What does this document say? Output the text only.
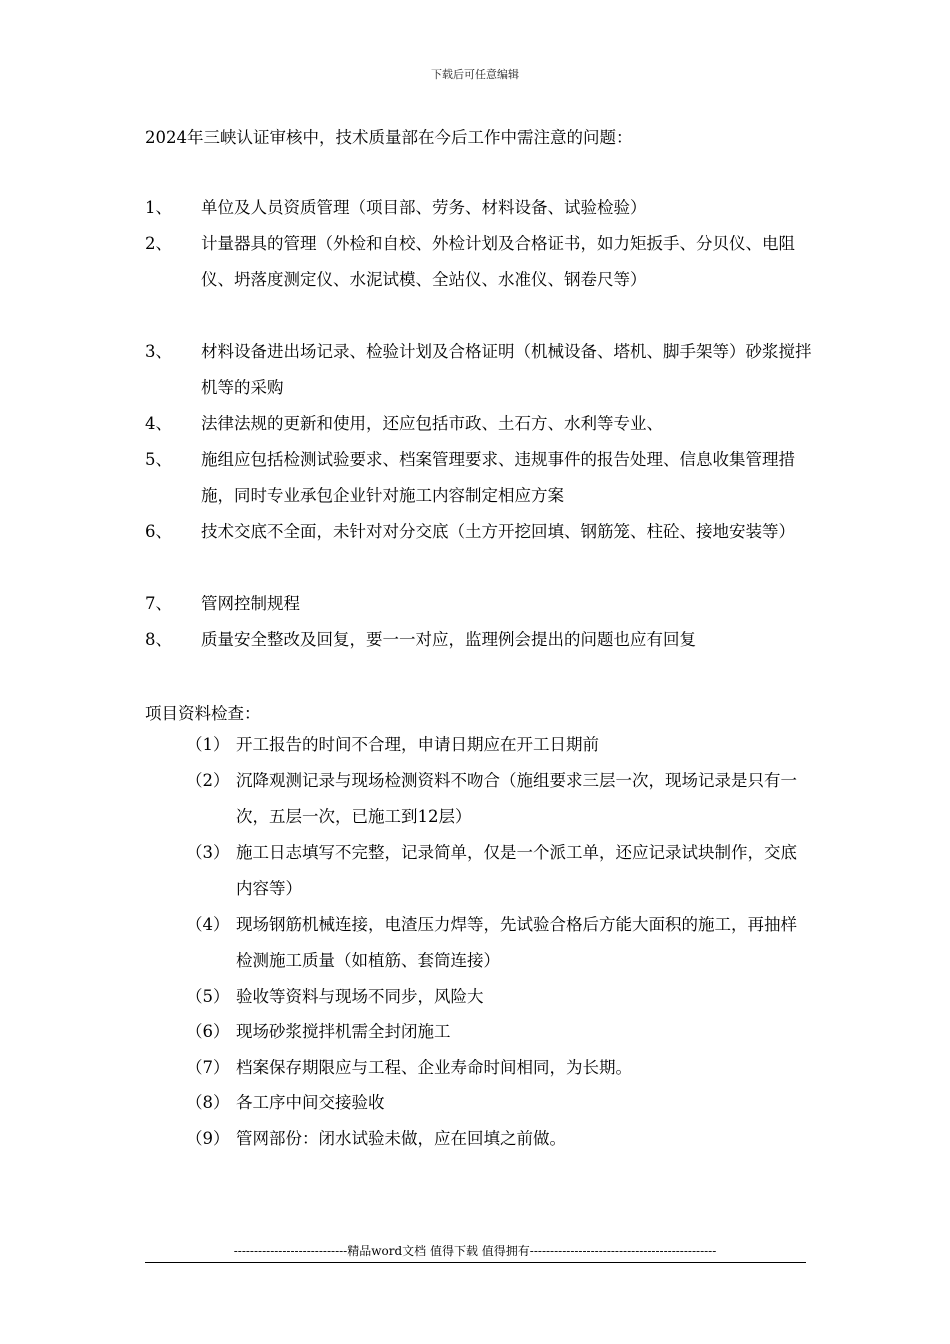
下载后可任意编辑
2024年三峡认证审核中，技术质量部在今后工作中需注意的问题：
1、	单位及人员资质管理（项目部、劳务、材料设备、试验检验）
2、	计量器具的管理（外检和自校、外检计划及合格证书，如力矩扳手、分贝仪、电阻仪、坍落度测定仪、水泥试模、全站仪、水准仪、钢卷尺等）
3、	材料设备进出场记录、检验计划及合格证明（机械设备、塔机、脚手架等）砂浆搅拌机等的采购
4、	法律法规的更新和使用，还应包括市政、土石方、水利等专业、
5、	施组应包括检测试验要求、档案管理要求、违规事件的报告处理、信息收集管理措施，同时专业承包企业针对施工内容制定相应方案
6、	技术交底不全面，未针对对分交底（土方开挖回填、钢筋笼、柱砼、接地安装等）
7、	管网控制规程
8、	质量安全整改及回复，要一一对应，监理例会提出的问题也应有回复
项目资料检查：
（1） 开工报告的时间不合理，申请日期应在开工日期前
（2） 沉降观测记录与现场检测资料不吻合（施组要求三层一次，现场记录是只有一次，五层一次，已施工到12层）
（3） 施工日志填写不完整，记录简单，仅是一个派工单，还应记录试块制作，交底内容等）
（4） 现场钢筋机械连接，电渣压力焊等，先试验合格后方能大面积的施工，再抽样检测施工质量（如植筋、套筒连接）
（5） 验收等资料与现场不同步，风险大
（6） 现场砂浆搅拌机需全封闭施工
（7） 档案保存期限应与工程、企业寿命时间相同，为长期。
（8） 各工序中间交接验收
（9） 管网部份：闭水试验未做，应在回填之前做。
----------------------------精品word文档 值得下载 值得拥有----------------------------------------------
